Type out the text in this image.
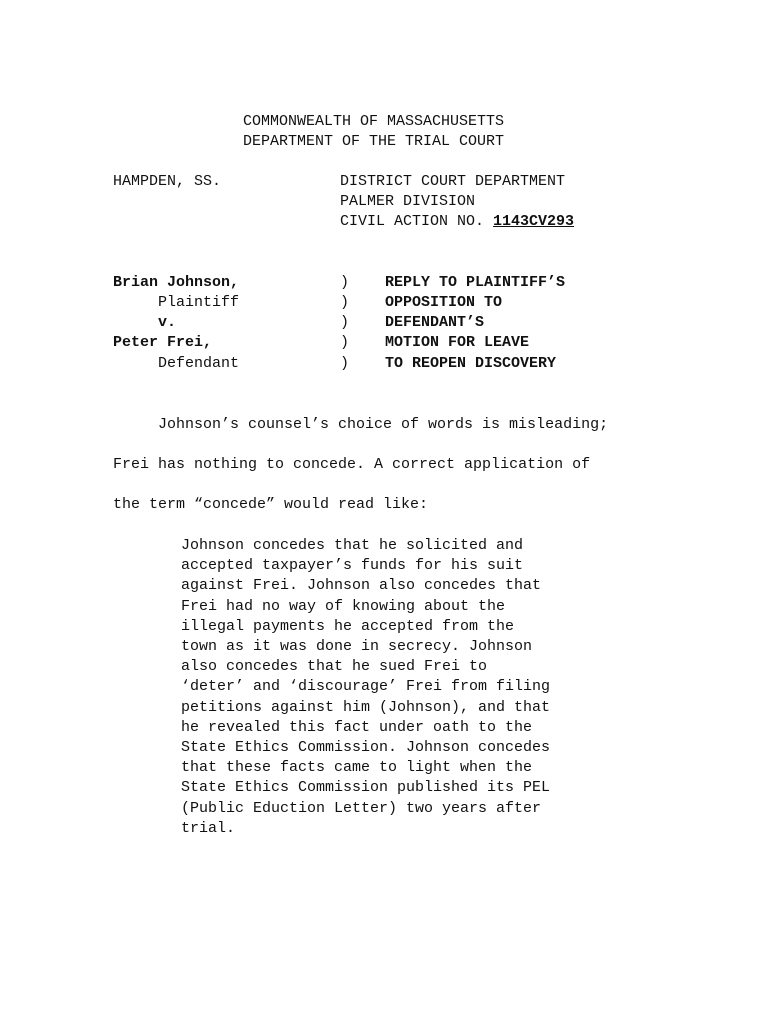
COMMONWEALTH OF MASSACHUSETTS
DEPARTMENT OF THE TRIAL COURT
HAMPDEN, SS.	DISTRICT COURT DEPARTMENT
PALMER DIVISION
CIVIL ACTION NO. 1143CV293
Brian Johnson,
Plaintiff
v.
Peter Frei,
Defendant
)
)
)
)
)
REPLY TO PLAINTIFF’S
OPPOSITION TO
DEFENDANT’S
MOTION FOR LEAVE
TO REOPEN DISCOVERY
Johnson’s counsel’s choice of words is misleading;
Frei has nothing to concede. A correct application of
the term “concede” would read like:
Johnson concedes that he solicited and
accepted taxpayer’s funds for his suit
against Frei. Johnson also concedes that
Frei had no way of knowing about the
illegal payments he accepted from the
town as it was done in secrecy. Johnson
also concedes that he sued Frei to
‘deter’ and ‘discourage’ Frei from filing
petitions against him (Johnson), and that
he revealed this fact under oath to the
State Ethics Commission. Johnson concedes
that these facts came to light when the
State Ethics Commission published its PEL
(Public Eduction Letter) two years after
trial.
